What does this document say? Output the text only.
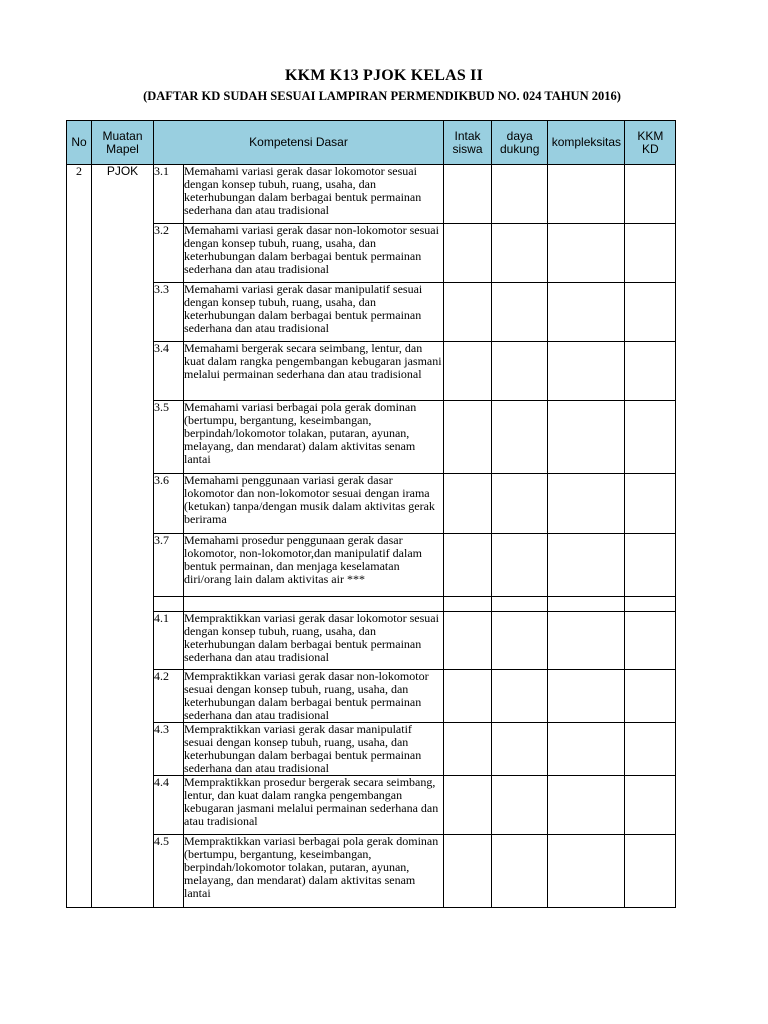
KKM K13 PJOK KELAS II
(DAFTAR KD SUDAH SESUAI LAMPIRAN PERMENDIKBUD NO. 024 TAHUN 2016)
No	Muatan Mapel	Kompetensi Dasar		Intak siswa	daya dukung	kompleksitas	KKM KD
2	PJOK	3.1	Memahami variasi gerak dasar lokomotor sesuai dengan konsep tubuh, ruang, usaha, dan keterhubungan dalam berbagai bentuk permainan sederhana dan atau tradisional				
		3.2	Memahami variasi gerak dasar non-lokomotor sesuai dengan konsep tubuh, ruang, usaha, dan keterhubungan dalam berbagai bentuk permainan sederhana dan atau tradisional				
		3.3	Memahami variasi gerak dasar manipulatif sesuai dengan konsep tubuh, ruang, usaha, dan keterhubungan dalam berbagai bentuk permainan sederhana dan atau tradisional				
		3.4	Memahami bergerak secara seimbang, lentur, dan kuat dalam rangka pengembangan kebugaran jasmani melalui permainan sederhana dan atau tradisional				
		3.5	Memahami variasi berbagai pola gerak dominan (bertumpu, bergantung, keseimbangan, berpindah/lokomotor tolakan, putaran, ayunan, melayang, dan mendarat) dalam aktivitas senam lantai				
		3.6	Memahami penggunaan variasi gerak dasar lokomotor dan non-lokomotor sesuai dengan irama (ketukan) tanpa/dengan musik dalam aktivitas gerak berirama				
		3.7	Memahami prosedur penggunaan gerak dasar lokomotor, non-lokomotor,dan manipulatif dalam bentuk permainan, dan menjaga keselamatan diri/orang lain dalam aktivitas air ***				

		4.1	Mempraktikkan variasi gerak dasar lokomotor sesuai dengan konsep tubuh, ruang, usaha, dan keterhubungan dalam berbagai bentuk permainan sederhana dan atau tradisional				
		4.2	Mempraktikkan variasi gerak dasar non-lokomotor sesuai dengan konsep tubuh, ruang, usaha, dan keterhubungan dalam berbagai bentuk permainan sederhana dan atau tradisional				
		4.3	Mempraktikkan variasi gerak dasar manipulatif sesuai dengan konsep tubuh, ruang, usaha, dan keterhubungan dalam berbagai bentuk permainan sederhana dan atau tradisional				
		4.4	Mempraktikkan prosedur bergerak secara seimbang, lentur, dan kuat dalam rangka pengembangan kebugaran jasmani melalui permainan sederhana dan atau tradisional				
		4.5	Mempraktikkan variasi berbagai pola gerak dominan (bertumpu, bergantung, keseimbangan, berpindah/lokomotor tolakan, putaran, ayunan, melayang, dan mendarat) dalam aktivitas senam lantai				
